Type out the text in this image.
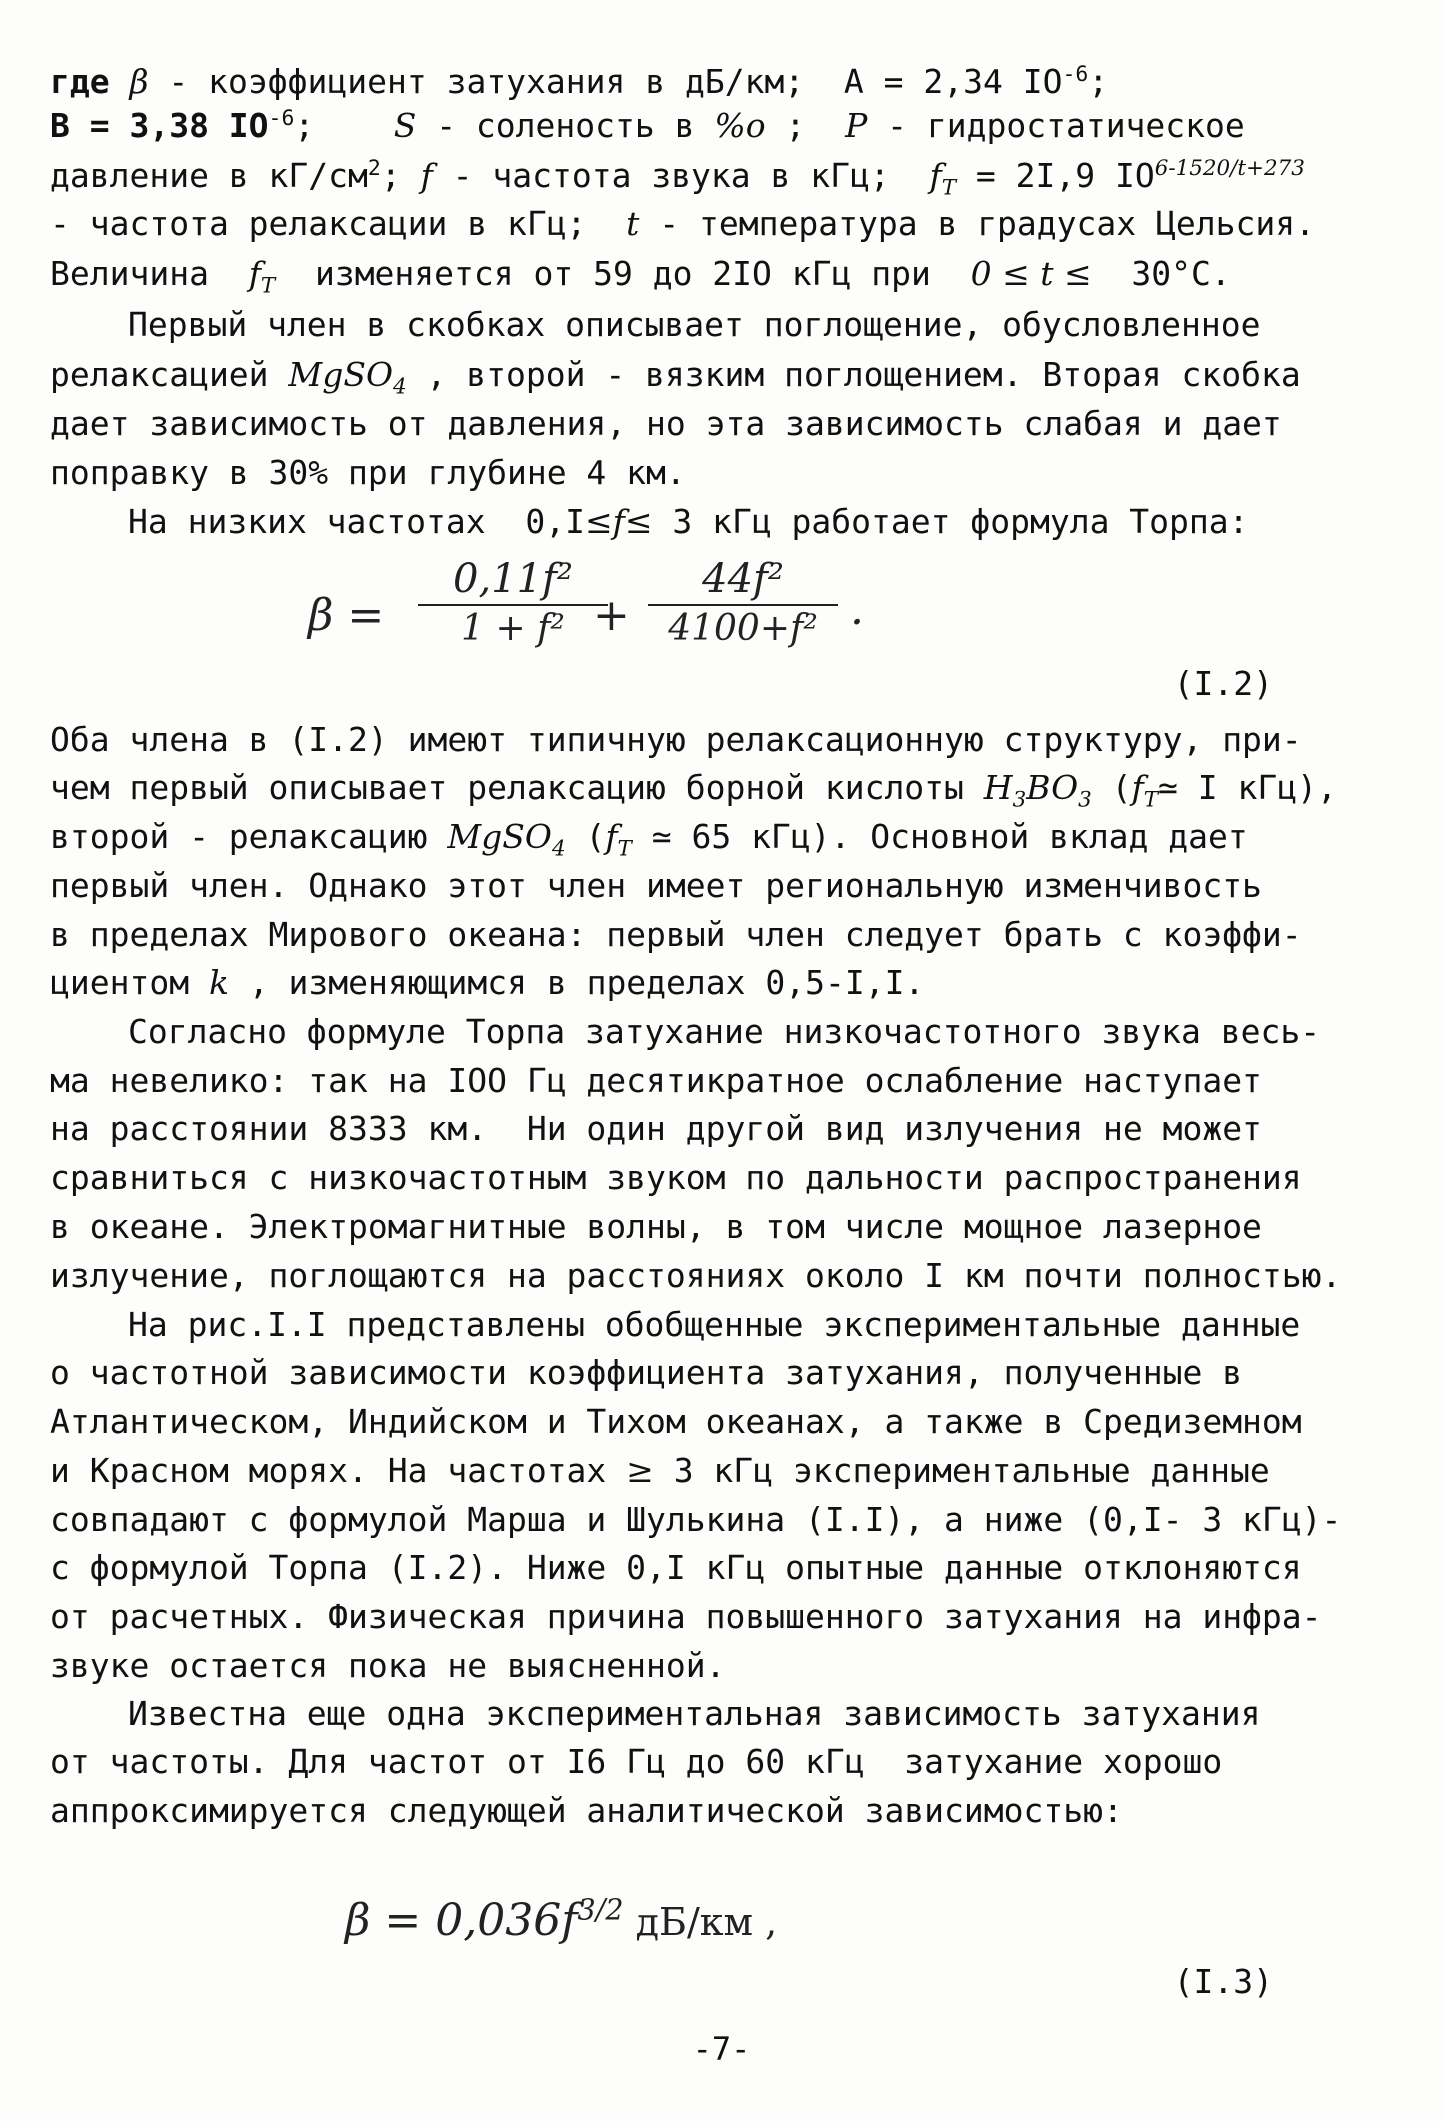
где β - коэффициент затухания в дБ/км;  A = 2,34 $IO^{-6}$;
B = 3,38 $IO^{-6}$;    S - соленость в %o ;  P - гидростатическое
давление в $кГ/см^2$; f - частота звука в кГц;  $f_T = 2I,9$ $IO^{6-1520/t+273}$
- частота релаксации в кГц;  t - температура в градусах Цельсия.
Величина  $f_T$  изменяется от 59 до 2IO кГц при  0 ≤ t ≤  30°C.
Первый член в скобках описывает поглощение, обусловленное
релаксацией MgSO$_4$ , второй - вязким поглощением. Вторая скобка
дает зависимость от давления, но эта зависимость слабая и дает
поправку в 30% при глубине 4 км.
На низких частотах  0,I≤f≤ 3 кГц работает формула Торпа:
β =
0,11f²
1 + f² +
44f²
4100+f² .
(I.2)
Оба члена в (I.2) имеют типичную релаксационную структуру, при-
чем первый описывает релаксацию борной кислоты $H_3BO_3$ ($f_T≃$ I кГц),
второй - релаксацию MgSO$_4$ ($f_T$ ≃ 65 кГц). Основной вклад дает
первый член. Однако этот член имеет региональную изменчивость
в пределах Мирового океана: первый член следует брать с коэффи-
циентом k , изменяющимся в пределах 0,5-I,I.
Согласно формуле Торпа затухание низкочастотного звука весь-
ма невелико: так на IOO Гц десятикратное ослабление наступает
на расстоянии 8333 км.  Ни один другой вид излучения не может
сравниться с низкочастотным звуком по дальности распространения
в океане. Электромагнитные волны, в том числе мощное лазерное
излучение, поглощаются на расстояниях около I км почти полностью.
На рис.I.I представлены обобщенные экспериментальные данные
о частотной зависимости коэффициента затухания, полученные в
Атлантическом, Индийском и Тихом океанах, а также в Средиземном
и Красном морях. На частотах ≥ 3 кГц экспериментальные данные
совпадают с формулой Марша и Шулькина (I.I), а ниже (0,I- 3 кГц)-
с формулой Торпа (I.2). Ниже 0,I кГц опытные данные отклоняются
от расчетных. Физическая причина повышенного затухания на инфра-
звуке остается пока не выясненной.
Известна еще одна экспериментальная зависимость затухания
от частоты. Для частот от I6 Гц до 60 кГц  затухание хорошо
аппроксимируется следующей аналитической зависимостью:
$\beta = 0,036f^{3/2}$ дБ/км ,
(I.3)
-7-
